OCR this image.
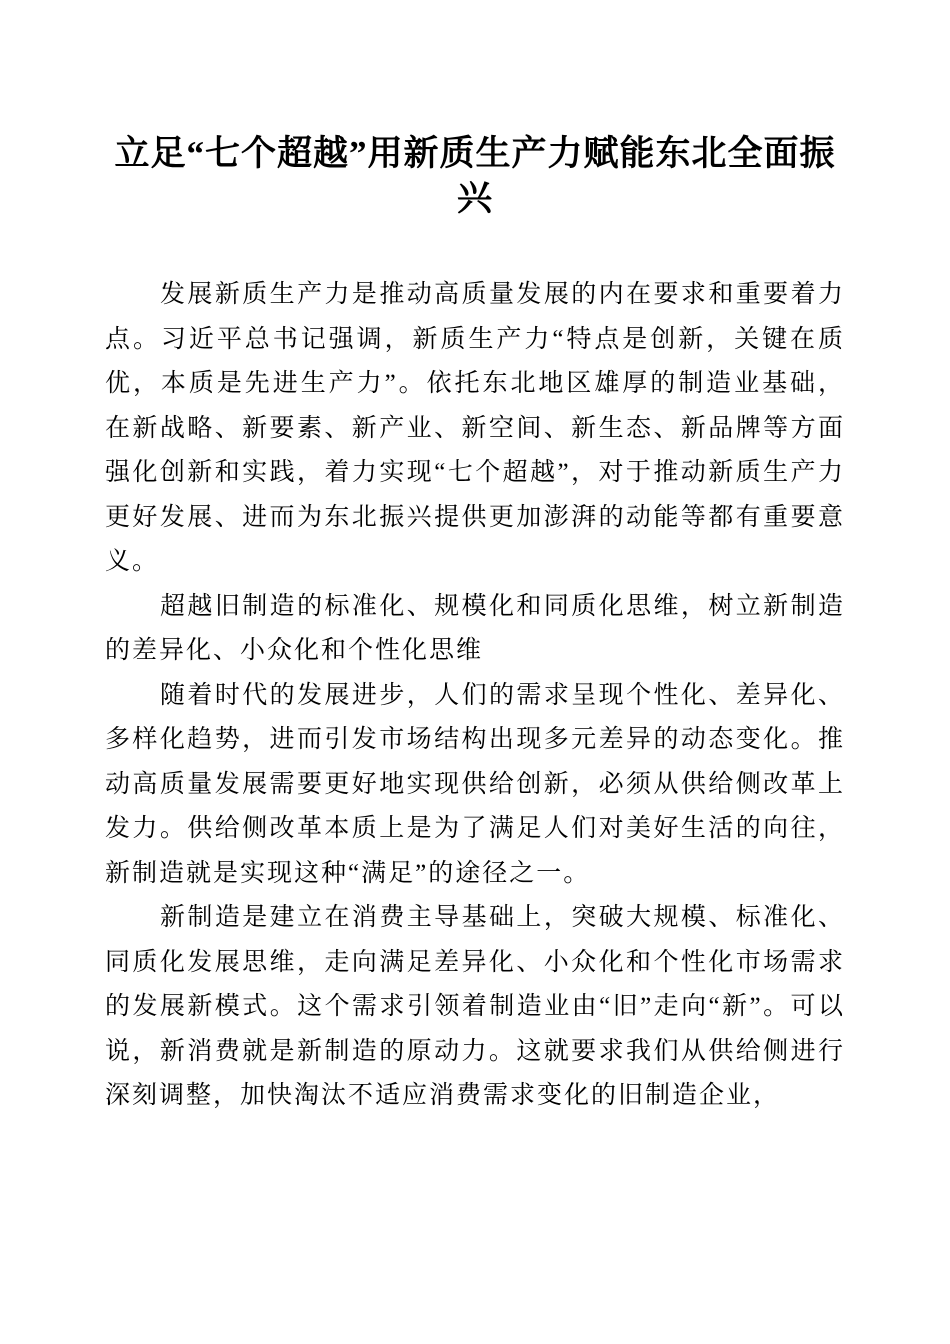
立足“七个超越”用新质生产力赋能东北全面振兴

发展新质生产力是推动高质量发展的内在要求和重要着力点。习近平总书记强调，新质生产力“特点是创新，关键在质优，本质是先进生产力”。依托东北地区雄厚的制造业基础，在新战略、新要素、新产业、新空间、新生态、新品牌等方面强化创新和实践，着力实现“七个超越”，对于推动新质生产力更好发展、进而为东北振兴提供更加澎湃的动能等都有重要意义。

超越旧制造的标准化、规模化和同质化思维，树立新制造的差异化、小众化和个性化思维

随着时代的发展进步，人们的需求呈现个性化、差异化、多样化趋势，进而引发市场结构出现多元差异的动态变化。推动高质量发展需要更好地实现供给创新，必须从供给侧改革上发力。供给侧改革本质上是为了满足人们对美好生活的向往，新制造就是实现这种“满足”的途径之一。

新制造是建立在消费主导基础上，突破大规模、标准化、同质化发展思维，走向满足差异化、小众化和个性化市场需求的发展新模式。这个需求引领着制造业由“旧”走向“新”。可以说，新消费就是新制造的原动力。这就要求我们从供给侧进行深刻调整，加快淘汰不适应消费需求变化的旧制造企业，
